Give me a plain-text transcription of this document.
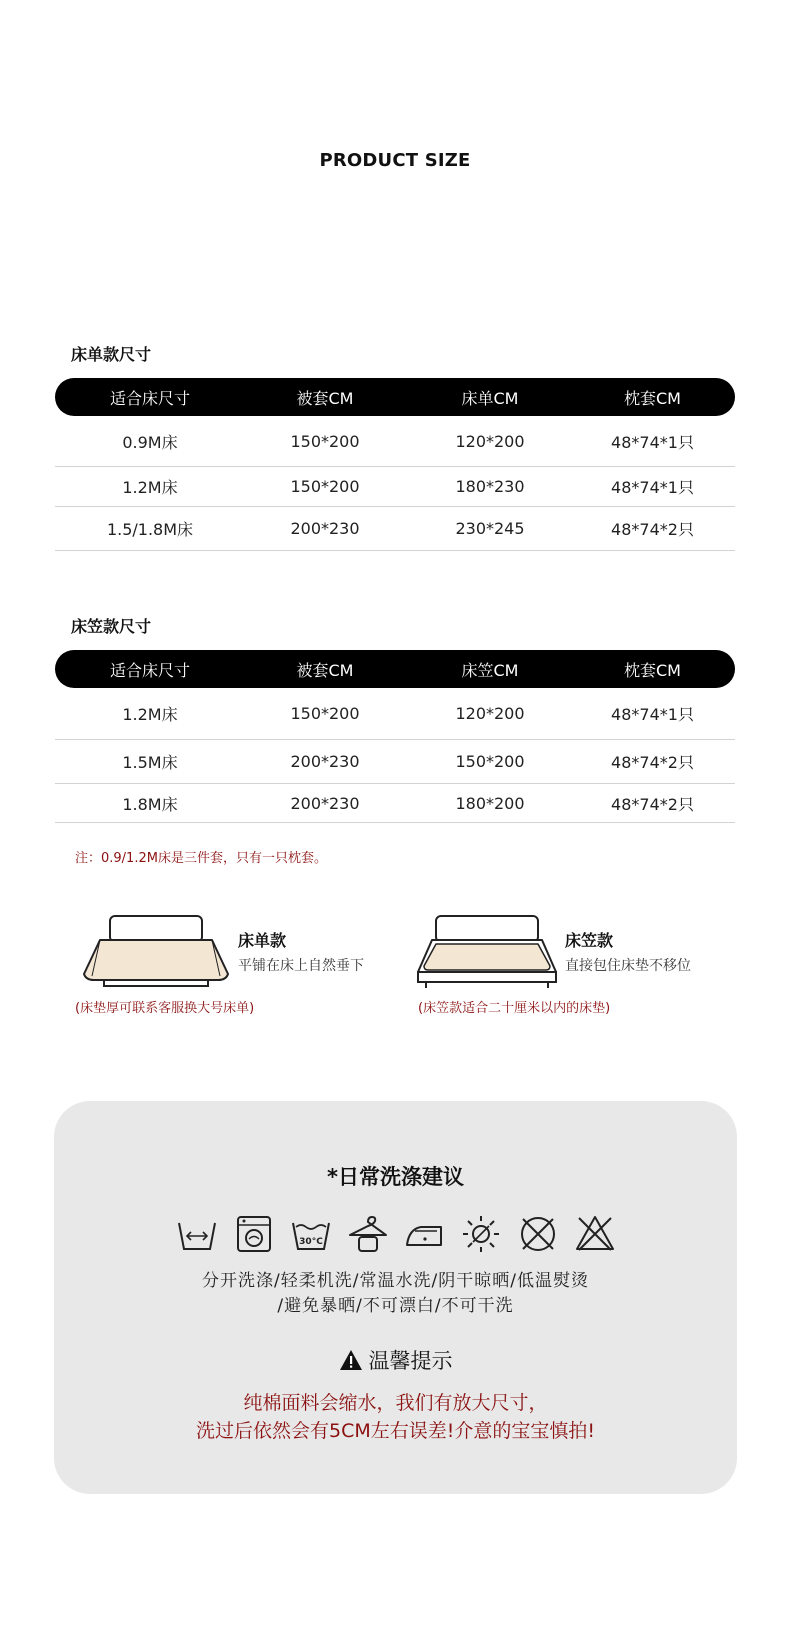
PRODUCT SIZE
床单款尺寸
适合床尺寸	被套CM	床单CM	枕套CM
0.9M床	150*200	120*200	48*74*1只
1.2M床	150*200	180*230	48*74*1只
1.5/1.8M床	200*230	230*245	48*74*2只
床笠款尺寸
适合床尺寸	被套CM	床笠CM	枕套CM
1.2M床	150*200	120*200	48*74*1只
1.5M床	200*230	150*200	48*74*2只
1.8M床	200*230	180*200	48*74*2只
注：0.9/1.2M床是三件套，只有一只枕套。
床单款
平铺在床上自然垂下
(床垫厚可联系客服换大号床单)
床笠款
直接包住床垫不移位
(床笠款适合二十厘米以内的床垫)
*日常洗涤建议
30°C
分开洗涤/轻柔机洗/常温水洗/阴干晾晒/低温熨烫
/避免暴晒/不可漂白/不可干洗
温馨提示
纯棉面料会缩水，我们有放大尺寸，
洗过后依然会有5CM左右误差!介意的宝宝慎拍!
